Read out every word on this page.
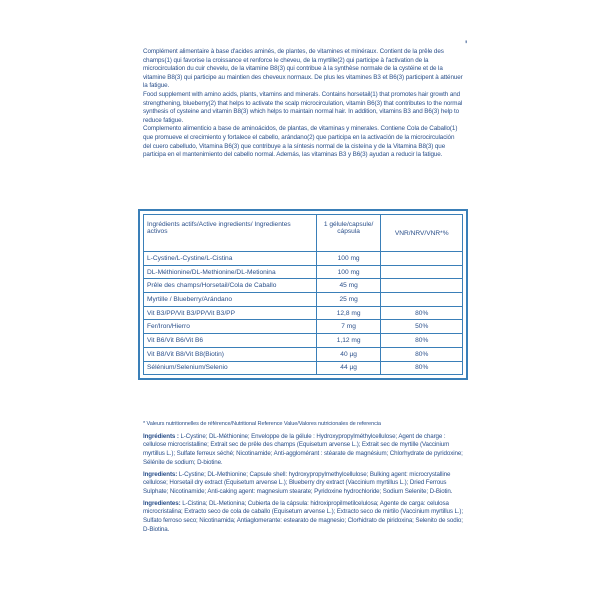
'

Complément alimentaire à base d'acides aminés, de plantes, de vitamines et minéraux. Contient de la prêle des champs(1) qui favorise la croissance et renforce le cheveu, de la myrtille(2) qui participe à l'activation de la microcirculation du cuir chevelu, de la vitamine B8(3) qui contribue à la synthèse normale de la cystéine et de la vitamine B8(3) qui participe au maintien des cheveux normaux. De plus les vitamines B3 et B6(3) participent à atténuer la fatigue.

Food supplement with amino acids, plants, vitamins and minerals. Contains horsetail(1) that promotes hair growth and strengthening, blueberry(2) that helps to activate the scalp microcirculation, vitamin B6(3) that contributes to the normal synthesis of cysteine and vitamin B8(3) which helps to maintain normal hair. In addition, vitamins B3 and B6(3) help to reduce fatigue.

Complemento alimenticio a base de aminoácidos, de plantas, de vitaminas y minerales. Contiene Cola de Caballo(1) que promueve el crecimiento y fortalece el cabello, arándano(2) que participa en la activación de la microcirculación del cuero cabelludo, Vitamina B6(3) que contribuye a la síntesis normal de la cisteína y de la Vitamina B8(3) que participa en el mantenimiento del cabello normal. Además, las vitaminas B3 y B6(3) ayudan a reducir la fatigue.

Ingrédients actifs/Active ingredients/ Ingredientes activos	1 gélule/capsule/ cápsula	VNR/NRV/VNR*%
L-Cystine/L-Cystine/L-Cistina	100 mg	
DL-Méthionine/DL-Methionine/DL-Metionina	100 mg	
Prêle des champs/Horsetail/Cola de Caballo	45 mg	
Myrtille / Blueberry/Arándano	25 mg	
Vit B3/PP/Vit B3/PP/Vit B3/PP	12,8 mg	80%
Fer/Iron/Hierro	7 mg	50%
Vit B6/Vit B6/Vit B6	1,12 mg	80%
Vit B8/Vit B8/Vit B8(Biotin)	40 µg	80%
Sélénium/Selenium/Selenio	44 µg	80%

* Valeurs nutritionnelles de référence/Nutritional Reference Value/Valores nutricionales de referencia

Ingrédients : L-Cystine; DL-Méthionine; Enveloppe de la gélule : Hydroxypropylméthylcellulose; Agent de charge : cellulose microcristalline; Extrait sec de prêle des champs (Equisetum arvense L.); Extrait sec de myrtille (Vaccinium myrtillus L.); Sulfate ferreux séché; Nicotinamide; Anti-agglomérant : stéarate de magnésium; Chlorhydrate de pyridoxine; Sélénite de sodium; D-biotine.

Ingredients: L-Cystine; DL-Methionine; Capsule shell: hydroxypropylmethylcellulose; Bulking agent: microcrystalline cellulose; Horsetail dry extract (Equisetum arvense L.); Blueberry dry extract (Vaccinium myrtillus L.); Dried Ferrous Sulphate; Nicotinamide; Anti-caking agent: magnesium stearate; Pyridoxine hydrochloride; Sodium Selenite; D-Biotin.

Ingredientes: L-Cistina; DL-Metionina; Cubierta de la cápsula: hidroxipropilmetilcelulosa; Agente de carga: celulosa microcristalina; Extracto seco de cola de caballo (Equisetum arvense L.); Extracto seco de mirtilo (Vaccinium myrtillus L.); Sulfato ferroso seco; Nicotinamida; Antiaglomerante: estearato de magnesio; Clorhidrato de piridoxina; Selenito de sodio; D-Biotina.
